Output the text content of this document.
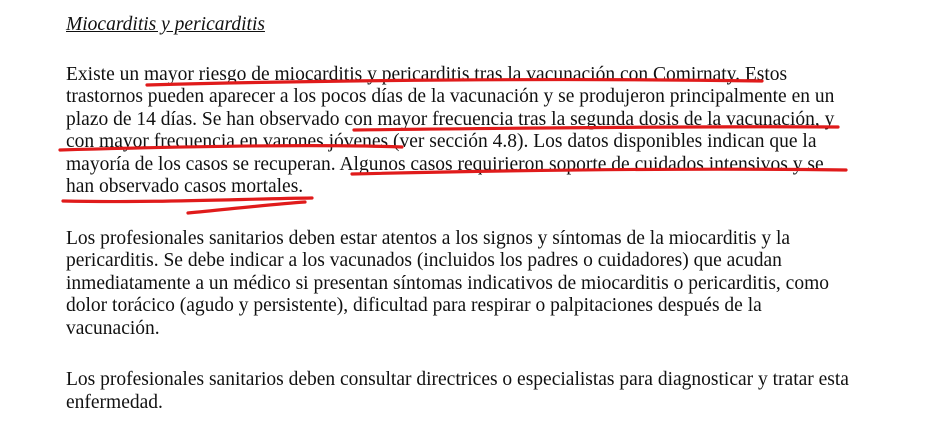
Miocarditis y pericarditis
Existe un mayor riesgo de miocarditis y pericarditis tras la vacunación con Comirnaty. Estos
trastornos pueden aparecer a los pocos días de la vacunación y se produjeron principalmente en un
plazo de 14 días. Se han observado con mayor frecuencia tras la segunda dosis de la vacunación, y
con mayor frecuencia en varones jóvenes (ver sección 4.8). Los datos disponibles indican que la
mayoría de los casos se recuperan. Algunos casos requirieron soporte de cuidados intensivos y se
han observado casos mortales.
Los profesionales sanitarios deben estar atentos a los signos y síntomas de la miocarditis y la
pericarditis. Se debe indicar a los vacunados (incluidos los padres o cuidadores) que acudan
inmediatamente a un médico si presentan síntomas indicativos de miocarditis o pericarditis, como
dolor torácico (agudo y persistente), dificultad para respirar o palpitaciones después de la
vacunación.
Los profesionales sanitarios deben consultar directrices o especialistas para diagnosticar y tratar esta
enfermedad.
